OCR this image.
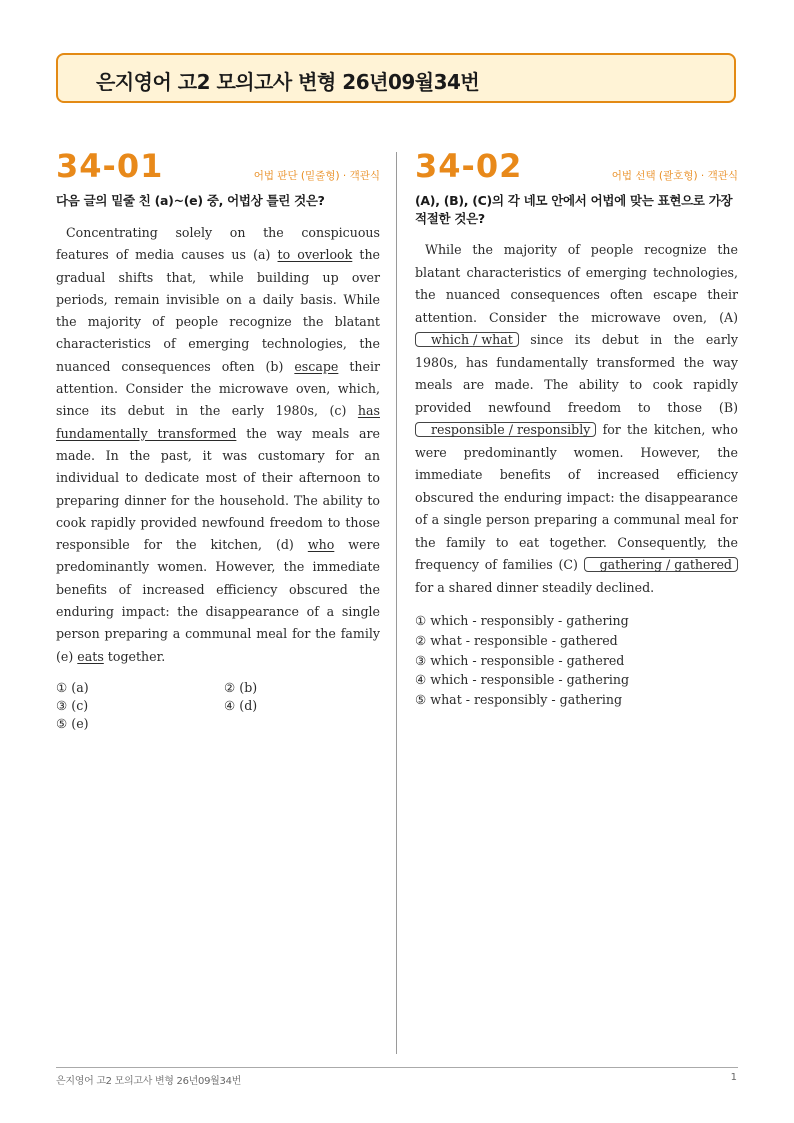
은지영어 고2 모의고사 변형 26년09월34번
34-01	어법 판단 (밑줄형) · 객관식
다음 글의 밑줄 친 (a)~(e) 중, 어법상 틀린 것은?
Concentrating solely on the conspicuous features of media causes us (a) to overlook the gradual shifts that, while building up over periods, remain invisible on a daily basis. While the majority of people recognize the blatant characteristics of emerging technologies, the nuanced consequences often (b) escape their attention. Consider the microwave oven, which, since its debut in the early 1980s, (c) has fundamentally transformed the way meals are made. In the past, it was customary for an individual to dedicate most of their afternoon to preparing dinner for the household. The ability to cook rapidly provided newfound freedom to those responsible for the kitchen, (d) who were predominantly women. However, the immediate benefits of increased efficiency obscured the enduring impact: the disappearance of a single person preparing a communal meal for the family (e) eats together.
① (a)	② (b)
③ (c)	④ (d)
⑤ (e)
34-02	어법 선택 (괄호형) · 객관식
(A), (B), (C)의 각 네모 안에서 어법에 맞는 표현으로 가장 적절한 것은?
While the majority of people recognize the blatant characteristics of emerging technologies, the nuanced consequences often escape their attention. Consider the microwave oven, (A) which / what since its debut in the early 1980s, has fundamentally transformed the way meals are made. The ability to cook rapidly provided newfound freedom to those (B) responsible / responsibly for the kitchen, who were predominantly women. However, the immediate benefits of increased efficiency obscured the enduring impact: the disappearance of a single person preparing a communal meal for the family to eat together. Consequently, the frequency of families (C) gathering / gathered for a shared dinner steadily declined.
① which - responsibly - gathering
② what - responsible - gathered
③ which - responsible - gathered
④ which - responsible - gathering
⑤ what - responsibly - gathering
은지영어 고2 모의고사 변형 26년09월34번	1
